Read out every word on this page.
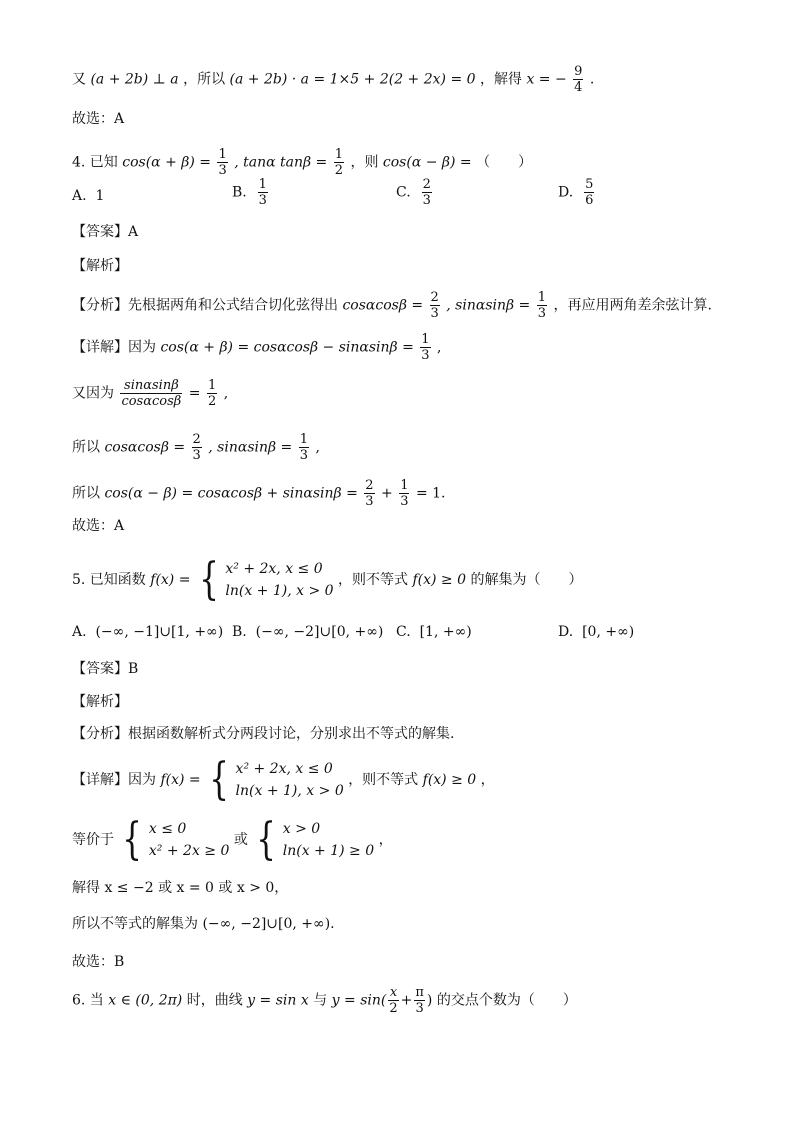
又 (a + 2b) ⊥ a ，所以 (a + 2b) · a = 1×5 + 2(2 + 2x) = 0 ，解得 x = − $\frac{9}{4}$ .
故选：A
4. 已知 $\cos(\alpha + \beta) = \frac{1}{3}$ , tanα $\tan\beta = \frac{1}{2}$ ，则 cos(α − β) = （　　）
A. 1	B. $\frac{1}{3}$	C. $\frac{2}{3}$	D. $\frac{5}{6}$
【答案】A
【解析】
【分析】先根据两角和公式结合切化弦得出 $\cos\alpha\cos\beta = \frac{2}{3}$ , $\sin\alpha\sin\beta = \frac{1}{3}$ ，再应用两角差余弦计算.
【详解】因为 $\cos(\alpha + \beta) = \cos\alpha\cos\beta - \sin\alpha\sin\beta = \frac{1}{3}$ ,
又因为 $\frac{\sin\alpha\sin\beta}{\cos\alpha\cos\beta} = \frac{1}{2}$ ,
所以 $\cos\alpha\cos\beta = \frac{2}{3}$ , $\sin\alpha\sin\beta = \frac{1}{3}$ ,
所以 $\cos(\alpha - \beta) = \cos\alpha\cos\beta + \sin\alpha\sin\beta = \frac{2}{3} + \frac{1}{3} = 1$.
故选：A
5. 已知函数 f(x) = { x² + 2x, x ≤ 0
ln(x + 1), x > 0
，则不等式 f(x) ≥ 0 的解集为（　　）
A. (−∞, −1]∪[1, +∞) B. (−∞, −2]∪[0, +∞) C. [1, +∞)	D. [0, +∞)
【答案】B
【解析】
【分析】根据函数解析式分两段讨论，分别求出不等式的解集.
【详解】因为 f(x) = { x² + 2x, x ≤ 0
ln(x + 1), x > 0
，则不等式 f(x) ≥ 0 ，
等价于 { x ≤ 0
x² + 2x ≥ 0
或 { x > 0
ln(x + 1) ≥ 0
，
解得 x ≤ −2 或 x = 0 或 x > 0，
所以不等式的解集为 (−∞, −2]∪[0, +∞).
故选：B
6. 当 x ∈ (0, 2π) 时，曲线 y = sin x 与 $y = \sin( \frac{x}{2} + \frac{\pi}{3}$ ) 的交点个数为（　　）
